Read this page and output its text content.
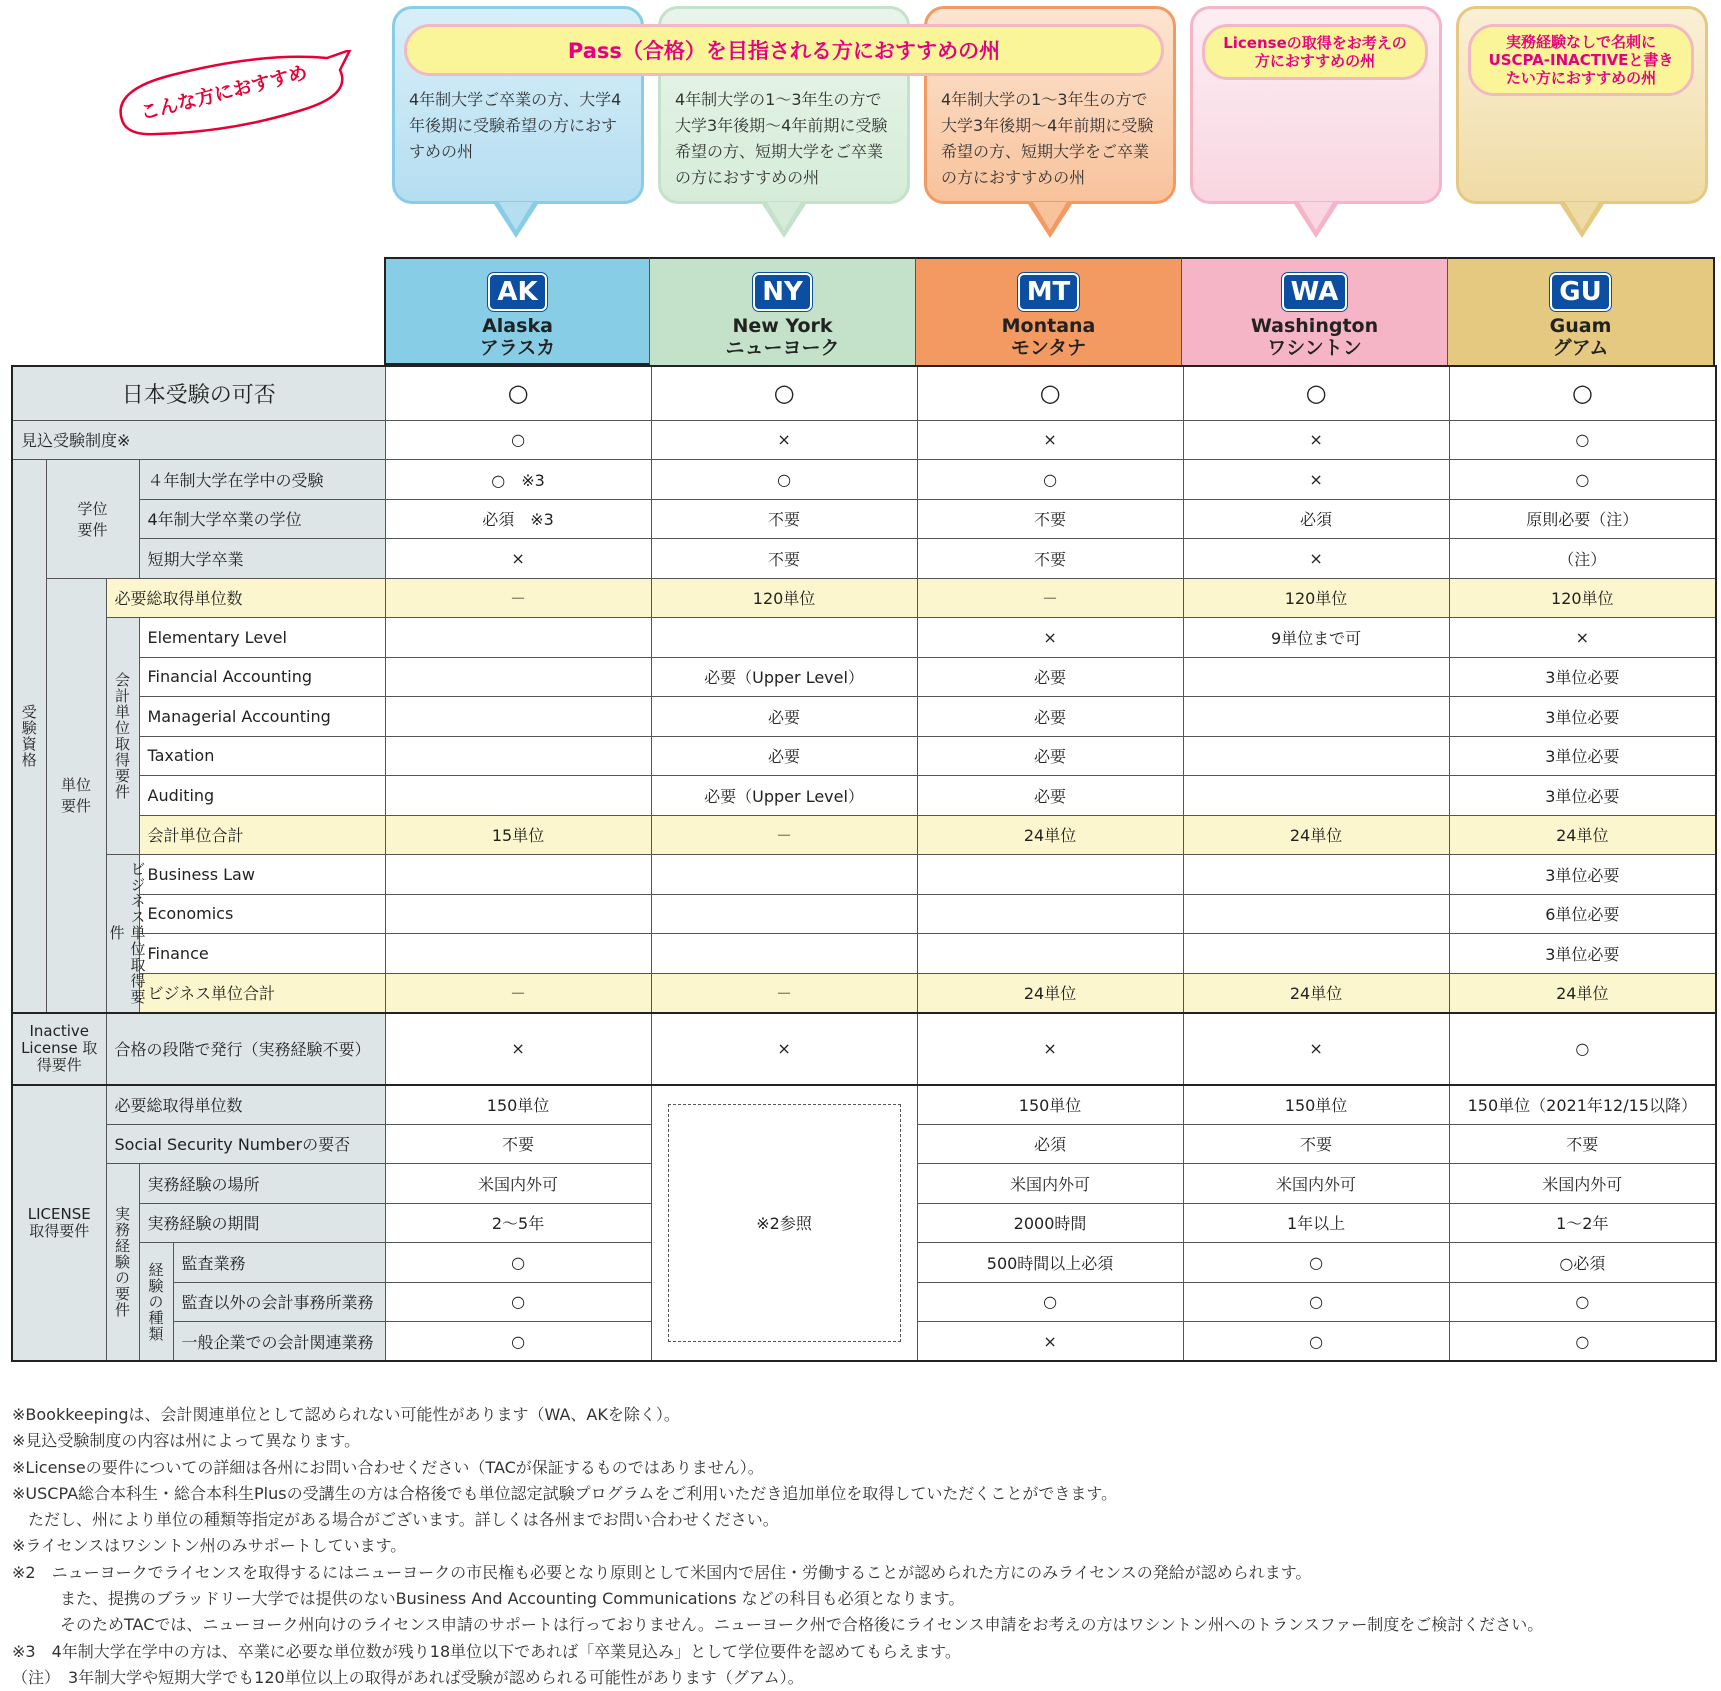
こんな方におすすめ	4年制大学ご卒業の方、大学4年後期に受験希望の方におすすめの州
4年制大学の1～3年生の方で大学3年後期～4年前期に受験希望の方、短期大学をご卒業の方におすすめの州
4年制大学の1～3年生の方で大学3年後期～4年前期に受験希望の方、短期大学をご卒業の方におすすめの州
Licenseの取得をお考えの方におすすめの州
実務経験なしで名刺にUSCPA-INACTIVEと書きたい方におすすめの州
Pass（合格）を目指される方におすすめの州
AK
Alaska
アラスカ
NY
New York
ニューヨーク
MT
Montana
モンタナ
WA
Washington
ワシントン
GU
Guam
グアム
日本受験の可否					○	○	○	○	○
見込受験制度※					○	×	×	×	○

受験資格	学位要件		４年制大学在学中の受験		○　※3	○	○	×	○
			4年制大学卒業の学位		必須　※3	不要	不要	必須	原則必要（注）
			短期大学卒業		×	不要	不要	×	（注）
	単位要件	必要総取得単位数			－	120単位	－	120単位	120単位

		会計単位取得要件	Elementary Level				×	9単位まで可	×
			Financial Accounting			必要（Upper Level）	必要		3単位必要
			Managerial Accounting			必要	必要		3単位必要
			Taxation			必要	必要		3単位必要
			Auditing			必要（Upper Level）	必要		3単位必要
			会計単位合計		15単位	－	24単位	24単位	24単位

		ビジネス単位取得要件	Business Law						3単位必要
			Economics						6単位必要
			Finance						3単位必要
			ビジネス単位合計		－	－	24単位	24単位	24単位
Inactive License 取得要件		合格の段階で発行（実務経験不要）			×	×	×	×	○
LICENSE 取得要件		必要総取得単位数			150単位	※2参照	150単位	150単位	150単位（2021年12/15以降）
		Social Security Numberの要否			不要		必須	不要	不要

		実務経験の要件	実務経験の場所		米国内外可		米国内外可	米国内外可	米国内外可
			実務経験の期間		2～5年		2000時間	1年以上	1～2年

			経験の種類	監査業務	○		500時間以上必須	○	○必須
				監査以外の会計事務所業務	○		○	○	○
				一般企業での会計関連業務	○		×	○	○
※Bookkeepingは、会計関連単位として認められない可能性があります（WA、AKを除く）。
※見込受験制度の内容は州によって異なります。
※Licenseの要件についての詳細は各州にお問い合わせください（TACが保証するものではありません）。
※USCPA総合本科生・総合本科生Plusの受講生の方は合格後でも単位認定試験プログラムをご利用いただき追加単位を取得していただくことができます。
　ただし、州により単位の種類等指定がある場合がございます。詳しくは各州までお問い合わせください。
※ライセンスはワシントン州のみサポートしています。
※2　ニューヨークでライセンスを取得するにはニューヨークの市民権も必要となり原則として米国内で居住・労働することが認められた方にのみライセンスの発給が認められます。
　　　また、提携のブラッドリー大学では提供のないBusiness And Accounting Communications などの科目も必須となります。
　　　そのためTACでは、ニューヨーク州向けのライセンス申請のサポートは行っておりません。ニューヨーク州で合格後にライセンス申請をお考えの方はワシントン州へのトランスファー制度をご検討ください。
※3　4年制大学在学中の方は、卒業に必要な単位数が残り18単位以下であれば「卒業見込み」として学位要件を認めてもらえます。
（注）　3年制大学や短期大学でも120単位以上の取得があれば受験が認められる可能性があります（グアム）。
